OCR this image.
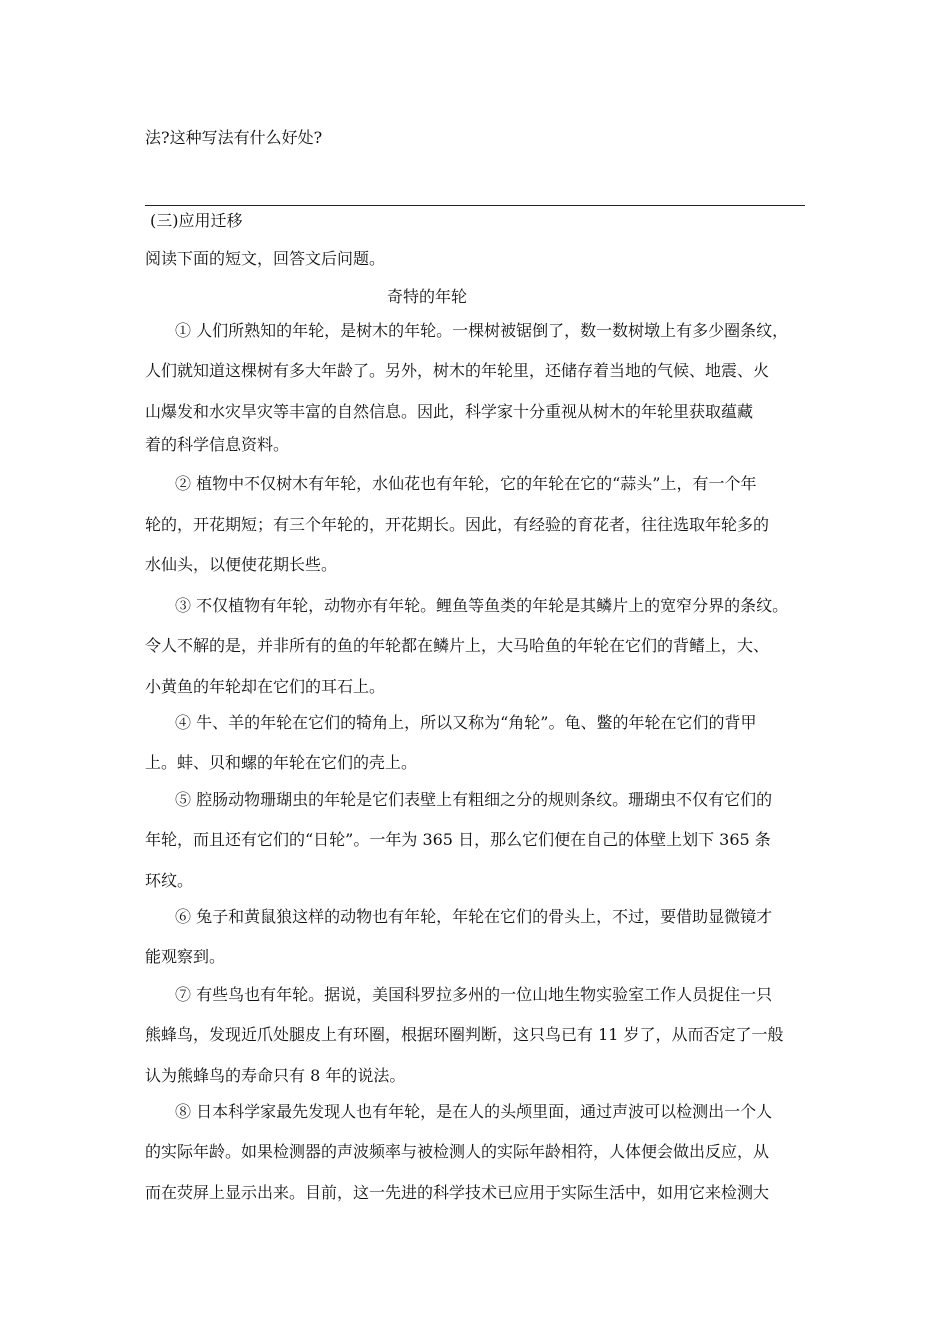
法?这种写法有什么好处?
(三)应用迁移
阅读下面的短文，回答文后问题。
奇特的年轮
① 人们所熟知的年轮，是树木的年轮。一棵树被锯倒了，数一数树墩上有多少圈条纹，
人们就知道这棵树有多大年龄了。另外，树木的年轮里，还储存着当地的气候、地震、火
山爆发和水灾旱灾等丰富的自然信息。因此，科学家十分重视从树木的年轮里获取蕴藏
着的科学信息资料。
② 植物中不仅树木有年轮，水仙花也有年轮，它的年轮在它的“蒜头”上，有一个年
轮的，开花期短；有三个年轮的，开花期长。因此，有经验的育花者，往往选取年轮多的
水仙头，以便使花期长些。
③ 不仅植物有年轮，动物亦有年轮。鲤鱼等鱼类的年轮是其鳞片上的宽窄分界的条纹。
令人不解的是，并非所有的鱼的年轮都在鳞片上，大马哈鱼的年轮在它们的背鳍上，大、
小黄鱼的年轮却在它们的耳石上。
④ 牛、羊的年轮在它们的犄角上，所以又称为“角轮”。龟、鳖的年轮在它们的背甲
上。蚌、贝和螺的年轮在它们的壳上。
⑤ 腔肠动物珊瑚虫的年轮是它们表壁上有粗细之分的规则条纹。珊瑚虫不仅有它们的
年轮，而且还有它们的“日轮”。一年为 365 日，那么它们便在自己的体壁上划下 365 条
环纹。
⑥ 兔子和黄鼠狼这样的动物也有年轮，年轮在它们的骨头上，不过，要借助显微镜才
能观察到。
⑦ 有些鸟也有年轮。据说，美国科罗拉多州的一位山地生物实验室工作人员捉住一只
熊蜂鸟，发现近爪处腿皮上有环圈，根据环圈判断，这只鸟已有 11 岁了，从而否定了一般
认为熊蜂鸟的寿命只有 8 年的说法。
⑧ 日本科学家最先发现人也有年轮，是在人的头颅里面，通过声波可以检测出一个人
的实际年龄。如果检测器的声波频率与被检测人的实际年龄相符，人体便会做出反应，从
而在荧屏上显示出来。目前，这一先进的科学技术已应用于实际生活中，如用它来检测大
